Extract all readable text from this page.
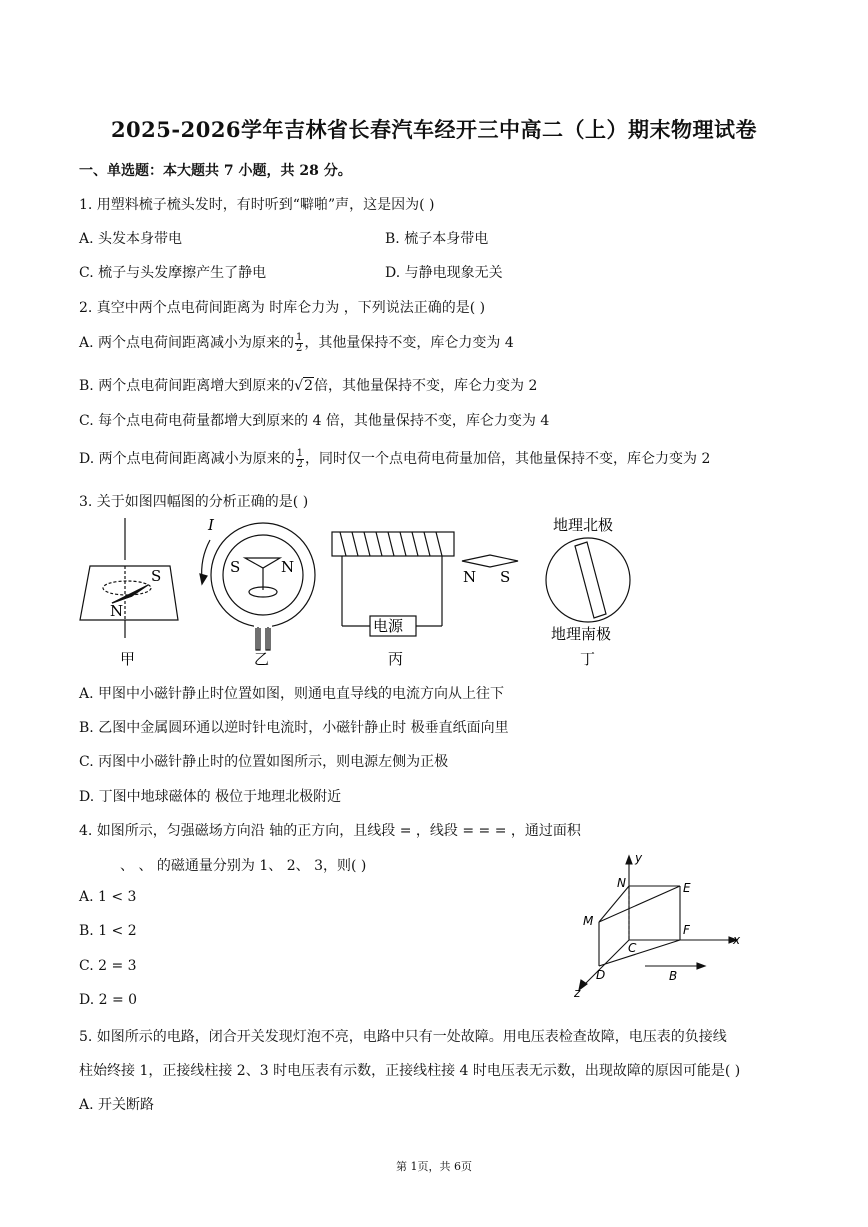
2025-2026学年吉林省长春汽车经开三中高二（上）期末物理试卷
一、单选题：本大题共 7 小题，共 28 分。
1. 用塑料梳子梳头发时，有时听到“噼啪”声，这是因为( )
A. 头发本身带电	B. 梳子本身带电
C. 梳子与头发摩擦产生了静电	D. 与静电现象无关
2. 真空中两个点电荷间距离为 时库仑力为 ，下列说法正确的是( )
A. 两个点电荷间距离减小为原来的 $\frac{1}{2}$ ，其他量保持不变，库仑力变为 4
B. 两个点电荷间距离增大到原来的√2倍，其他量保持不变，库仑力变为 2
C. 每个点电荷电荷量都增大到原来的 4 倍，其他量保持不变，库仑力变为 4
D. 两个点电荷间距离减小为原来的 $\frac{1}{2}$ ，同时仅一个点电荷电荷量加倍，其他量保持不变，库仑力变为 2
3. 关于如图四幅图的分析正确的是( )
S
N
甲
I
S	N
乙
电源
N S
丙
地理北极
地理南极
丁
A. 甲图中小磁针静止时位置如图，则通电直导线的电流方向从上往下
B. 乙图中金属圆环通以逆时针电流时，小磁针静止时 极垂直纸面向里
C. 丙图中小磁针静止时的位置如图所示，则电源左侧为正极
D. 丁图中地球磁体的 极位于地理北极附近
4. 如图所示，匀强磁场方向沿 轴的正方向，且线段 = ，线段 = = = ，通过面积
、 、 的磁通量分别为 1、 2、 3，则( )
A. 1 < 3
B. 1 < 2
C. 2 = 3
D. 2 = 0
y
x
z
N	E
M
F
C
D	B
5. 如图所示的电路，闭合开关发现灯泡不亮，电路中只有一处故障。用电压表检查故障，电压表的负接线
柱始终接 1，正接线柱接 2、3 时电压表有示数，正接线柱接 4 时电压表无示数，出现故障的原因可能是( )
A. 开关断路
第 1页，共 6页
